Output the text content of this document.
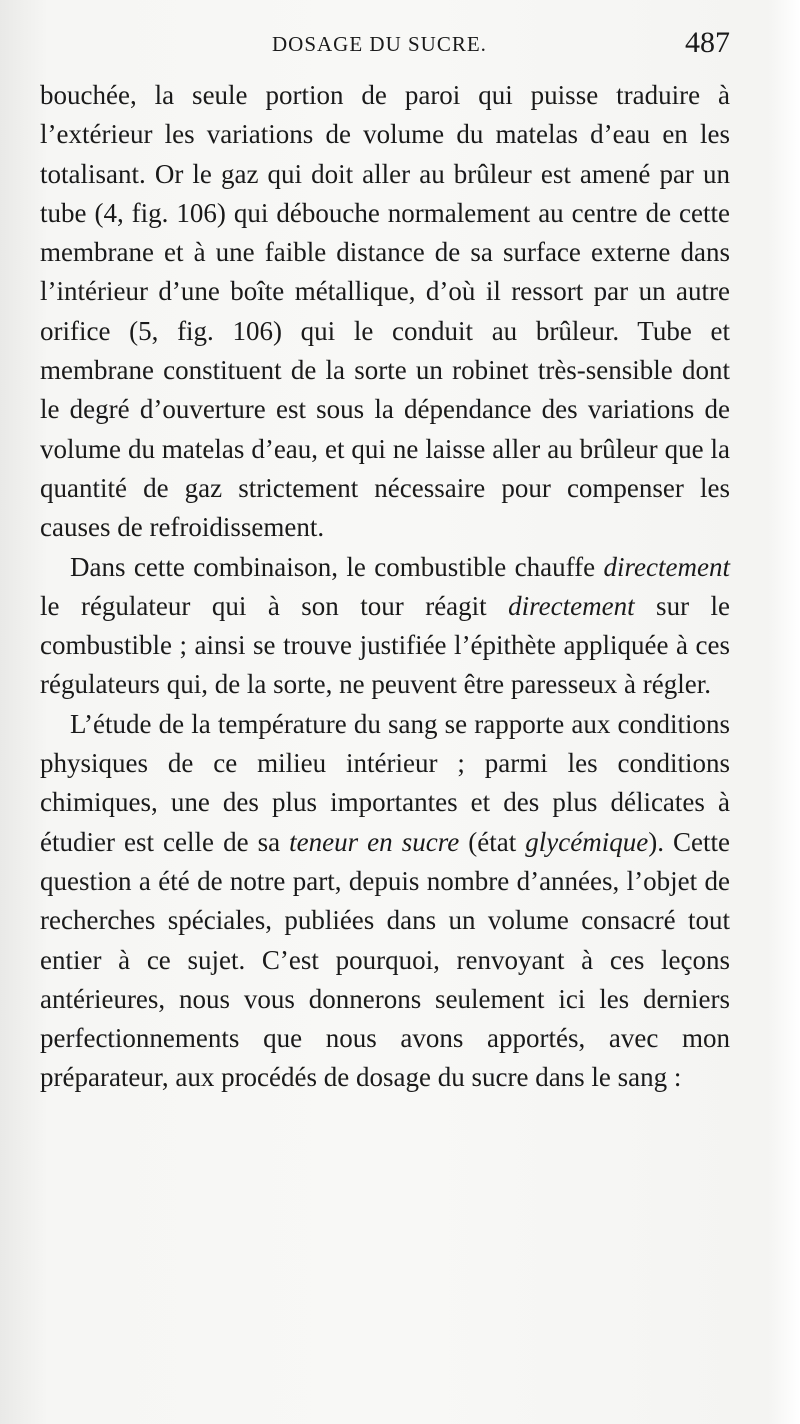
DOSAGE DU SUCRE.	487

bouchée, la seule portion de paroi qui puisse traduire à l’extérieur les variations de volume du matelas d’eau en les totalisant. Or le gaz qui doit aller au brûleur est amené par un tube (4, fig. 106) qui débouche normalement au centre de cette membrane et à une faible distance de sa surface externe dans l’intérieur d’une boîte métallique, d’où il ressort par un autre orifice (5, fig. 106) qui le conduit au brûleur. Tube et membrane constituent de la sorte un robinet très-sensible dont le degré d’ouverture est sous la dépendance des variations de volume du matelas d’eau, et qui ne laisse aller au brûleur que la quantité de gaz strictement nécessaire pour compenser les causes de refroidissement.

Dans cette combinaison, le combustible chauffe directement le régulateur qui à son tour réagit directement sur le combustible ; ainsi se trouve justifiée l’épithète appliquée à ces régulateurs qui, de la sorte, ne peuvent être paresseux à régler.

L’étude de la température du sang se rapporte aux conditions physiques de ce milieu intérieur ; parmi les conditions chimiques, une des plus importantes et des plus délicates à étudier est celle de sa teneur en sucre (état glycémique). Cette question a été de notre part, depuis nombre d’années, l’objet de recherches spéciales, publiées dans un volume consacré tout entier à ce sujet. C’est pourquoi, renvoyant à ces leçons antérieures, nous vous donnerons seulement ici les derniers perfectionnements que nous avons apportés, avec mon préparateur, aux procédés de dosage du sucre dans le sang :
